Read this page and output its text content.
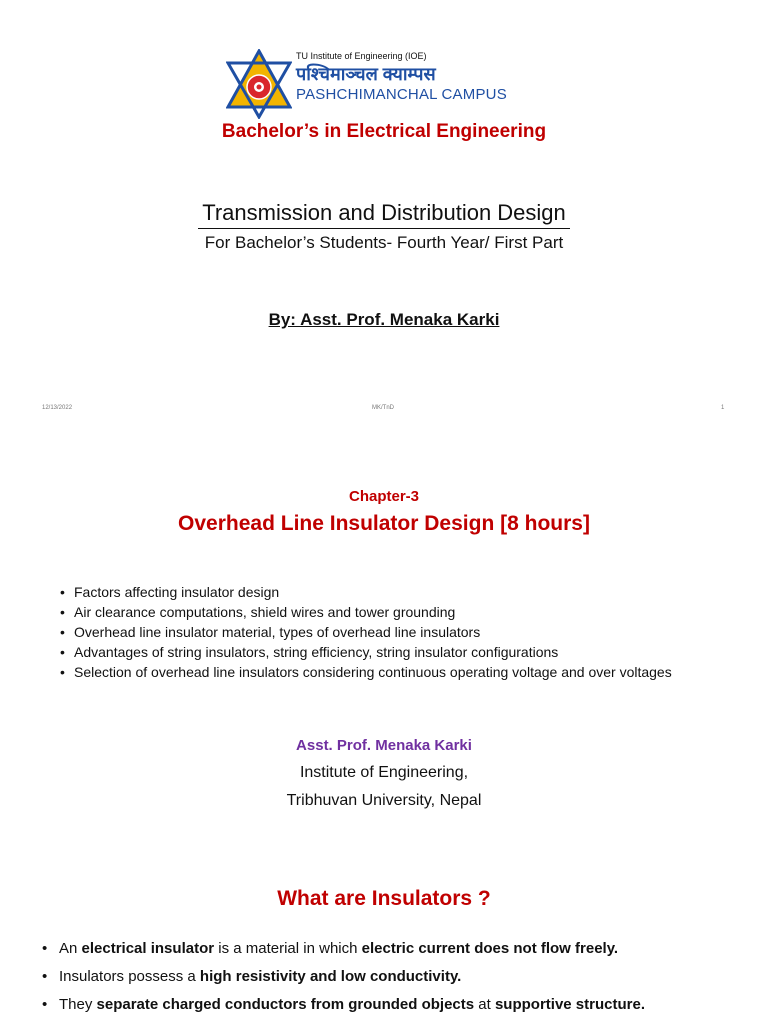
TU Institute of Engineering (IOE)
पश्चिमाञ्चल क्याम्पस
PASHCHIMANCHAL CAMPUS
Bachelor’s in Electrical Engineering
Transmission and Distribution Design
For Bachelor’s Students- Fourth Year/ First Part
By: Asst. Prof. Menaka Karki
12/13/2022	MK/TnD	1
Chapter-3
Overhead Line Insulator Design [8 hours]
• Factors affecting insulator design
• Air clearance computations, shield wires and tower grounding
• Overhead line insulator material, types of overhead line insulators
• Advantages of string insulators, string efficiency, string insulator configurations
• Selection of overhead line insulators considering continuous operating voltage and over voltages
Asst. Prof. Menaka Karki
Institute of Engineering,
Tribhuvan University, Nepal
What are Insulators ?
• An electrical insulator is a material in which electric current does not flow freely.
• Insulators possess a high resistivity and low conductivity.
• They separate charged conductors from grounded objects at supportive structure.
